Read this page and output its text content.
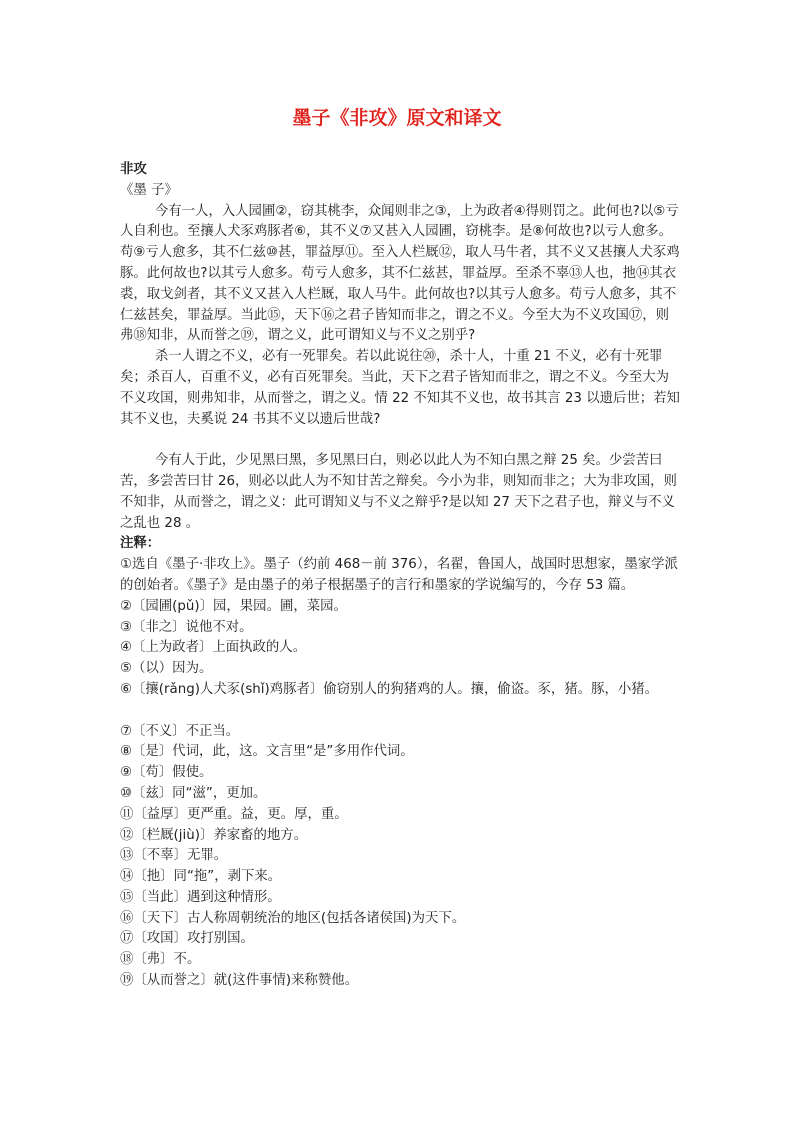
墨子《非攻》原文和译文

非攻

《墨 子》

今有一人，入人园圃②，窃其桃李，众闻则非之③，上为政者④得则罚之。此何也?以⑤亏人自利也。至攘人犬豕鸡豚者⑥，其不义⑦又甚入人园圃，窃桃李。是⑧何故也?以亏人愈多。苟⑨亏人愈多，其不仁兹⑩甚，罪益厚⑪。至入人栏厩⑫，取人马牛者，其不义又甚攘人犬豕鸡豚。此何故也?以其亏人愈多。苟亏人愈多，其不仁兹甚，罪益厚。至杀不辜⑬人也，扡⑭其衣裘，取戈剑者，其不义又甚入人栏厩，取人马牛。此何故也?以其亏人愈多。苟亏人愈多，其不仁兹甚矣，罪益厚。当此⑮，天下⑯之君子皆知而非之，谓之不义。今至大为不义攻国⑰，则弗⑱知非，从而誉之⑲，谓之义，此可谓知义与不义之别乎?

杀一人谓之不义，必有一死罪矣。若以此说往⑳，杀十人，十重 21 不义，必有十死罪矣；杀百人，百重不义，必有百死罪矣。当此，天下之君子皆知而非之，谓之不义。今至大为不义攻国，则弗知非，从而誉之，谓之义。情 22 不知其不义也，故书其言 23 以遗后世；若知其不义也，夫奚说 24 书其不义以遗后世哉?

今有人于此，少见黑曰黑，多见黑曰白，则必以此人为不知白黑之辩 25 矣。少尝苦曰苦，多尝苦曰甘 26，则必以此人为不知甘苦之辩矣。今小为非，则知而非之；大为非攻国，则不知非，从而誉之，谓之义：此可谓知义与不义之辩乎?是以知 27 天下之君子也，辩义与不义之乱也 28 。

注释：

①选自《墨子·非攻上》。墨子（约前 468－前 376），名翟，鲁国人，战国时思想家，墨家学派的创始者。《墨子》是由墨子的弟子根据墨子的言行和墨家的学说编写的，今存 53 篇。

②〔园圃(pǔ)〕园，果园。圃，菜园。

③〔非之〕说他不对。

④〔上为政者〕上面执政的人。

⑤（以）因为。

⑥〔攘(rǎng)人犬豕(shǐ)鸡豚者〕偷窃别人的狗猪鸡的人。攘，偷盗。豕，猪。豚，小猪。

⑦〔不义〕不正当。

⑧〔是〕代词，此，这。文言里“是”多用作代词。

⑨〔苟〕假使。

⑩〔兹〕同“滋”，更加。

⑪〔益厚〕更严重。益，更。厚，重。

⑫〔栏厩(jiù)〕养家畜的地方。

⑬〔不辜〕无罪。

⑭〔扡〕同“拖”，剥下来。

⑮〔当此〕遇到这种情形。

⑯〔天下〕古人称周朝统治的地区(包括各诸侯国)为天下。

⑰〔攻国〕攻打别国。

⑱〔弗〕不。

⑲〔从而誉之〕就(这件事情)来称赞他。
